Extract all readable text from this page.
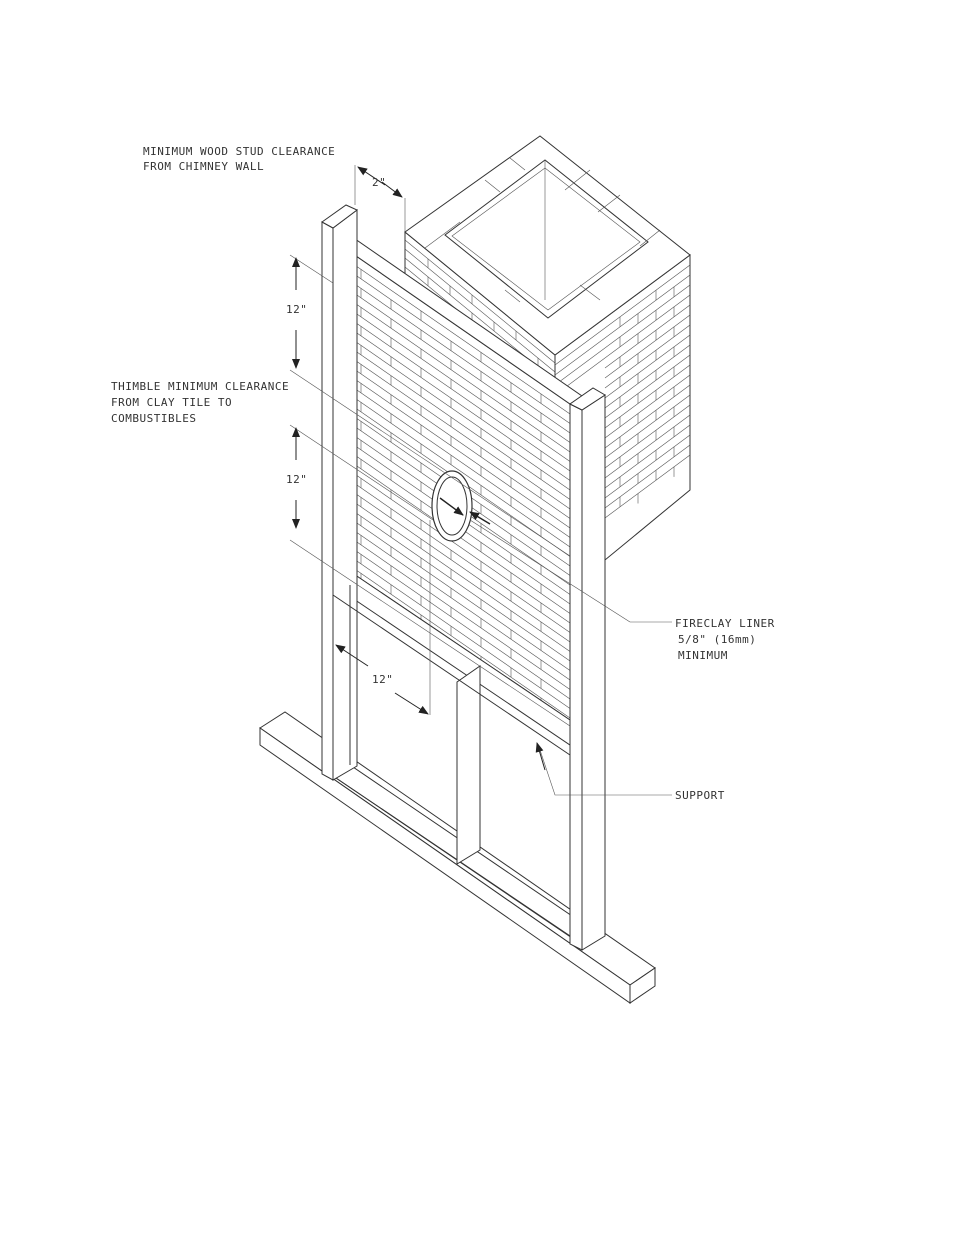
2"
12"
12"
12"
MINIMUM WOOD STUD CLEARANCE FROM CHIMNEY WALL
THIMBLE MINIMUM CLEARANCE FROM CLAY TILE TO COMBUSTIBLES
FIRECLAY LINER 5/8" (16mm) MINIMUM
SUPPORT
